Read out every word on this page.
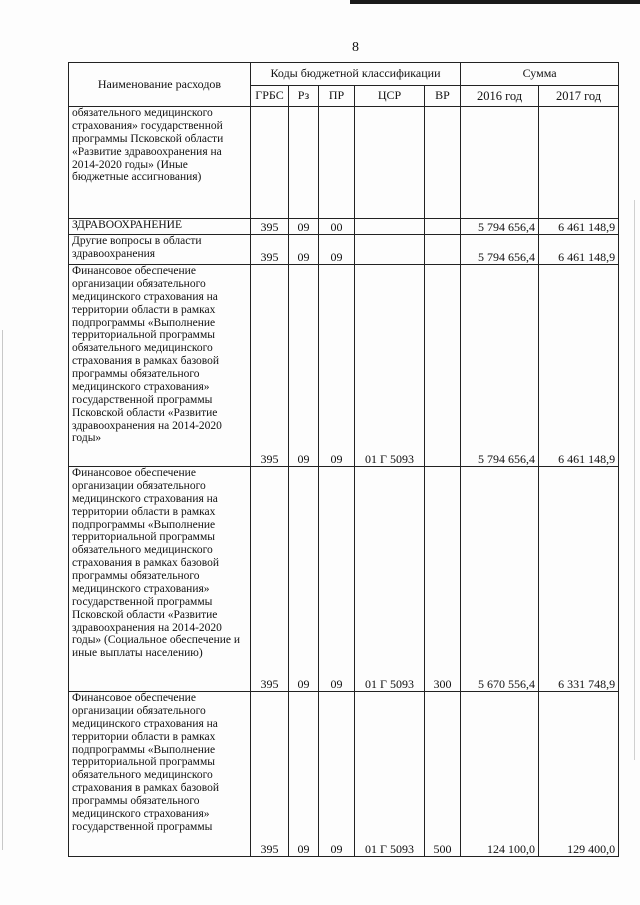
8
Наименование расходов	Коды бюджетной классификации					Сумма	
	ГРБС	Рз	ПР	ЦСР	ВР	2016 год	2017 год
обязательного медицинского страхования» государственной программы Псковской области «Развитие здравоохранения на 2014-2020 годы» (Иные бюджетные ассигнования)							
ЗДРАВООХРАНЕНИЕ	395	09	00			5 794 656,4	6 461 148,9
Другие вопросы в области здравоохранения	395	09	09			5 794 656,4	6 461 148,9
Финансовое обеспечение организации обязательного медицинского страхования на территории области в рамках подпрограммы «Выполнение территориальной программы обязательного медицинского страхования в рамках базовой программы обязательного медицинского страхования» государственной программы Псковской области «Развитие здравоохранения на 2014-2020 годы»	395	09	09	01 Г 5093		5 794 656,4	6 461 148,9
Финансовое обеспечение организации обязательного медицинского страхования на территории области в рамках подпрограммы «Выполнение территориальной программы обязательного медицинского страхования в рамках базовой программы обязательного медицинского страхования» государственной программы Псковской области «Развитие здравоохранения на 2014-2020 годы» (Социальное обеспечение и иные выплаты населению)	395	09	09	01 Г 5093	300	5 670 556,4	6 331 748,9
Финансовое обеспечение организации обязательного медицинского страхования на территории области в рамках подпрограммы «Выполнение территориальной программы обязательного медицинского страхования в рамках базовой программы обязательного медицинского страхования» государственной программы	395	09	09	01 Г 5093	500	124 100,0	129 400,0
